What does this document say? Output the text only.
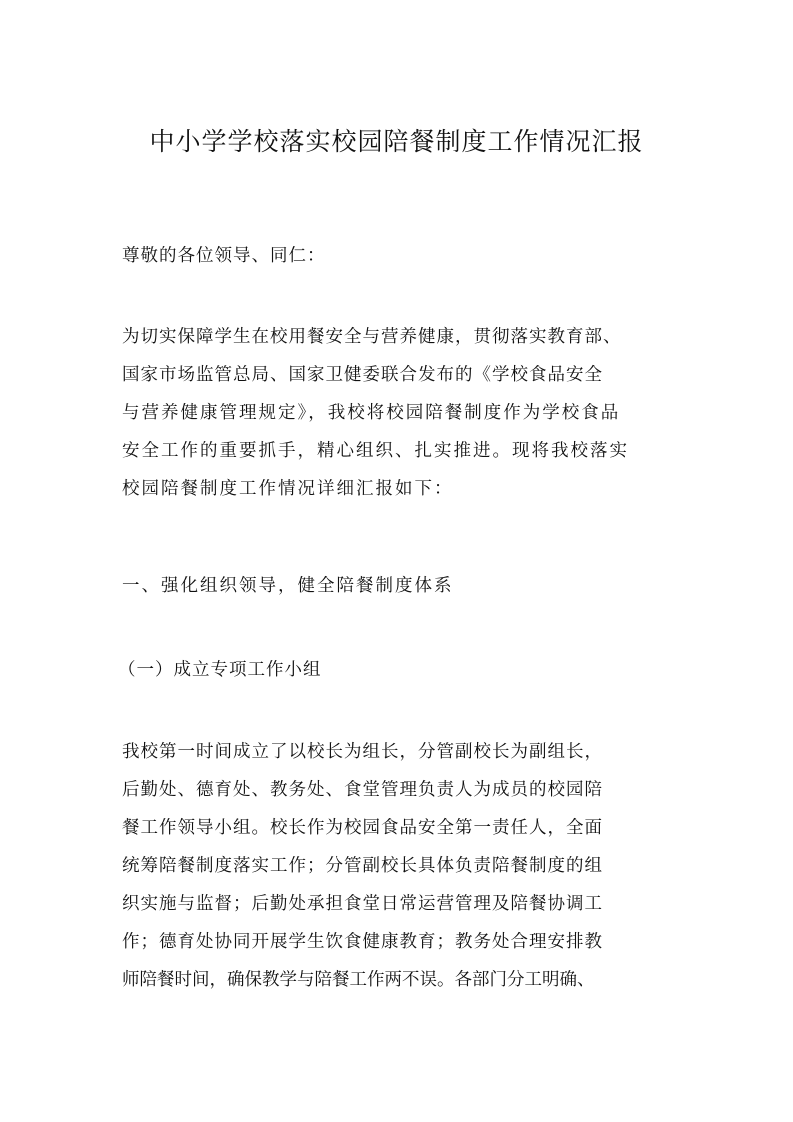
中小学学校落实校园陪餐制度工作情况汇报
尊敬的各位领导、同仁：
为切实保障学生在校用餐安全与营养健康，贯彻落实教育部、
国家市场监管总局、国家卫健委联合发布的《学校食品安全
与营养健康管理规定》，我校将校园陪餐制度作为学校食品
安全工作的重要抓手，精心组织、扎实推进。现将我校落实
校园陪餐制度工作情况详细汇报如下：
一、强化组织领导，健全陪餐制度体系
（一）成立专项工作小组
我校第一时间成立了以校长为组长，分管副校长为副组长，
后勤处、德育处、教务处、食堂管理负责人为成员的校园陪
餐工作领导小组。校长作为校园食品安全第一责任人，全面
统筹陪餐制度落实工作；分管副校长具体负责陪餐制度的组
织实施与监督；后勤处承担食堂日常运营管理及陪餐协调工
作；德育处协同开展学生饮食健康教育；教务处合理安排教
师陪餐时间，确保教学与陪餐工作两不误。各部门分工明确、
